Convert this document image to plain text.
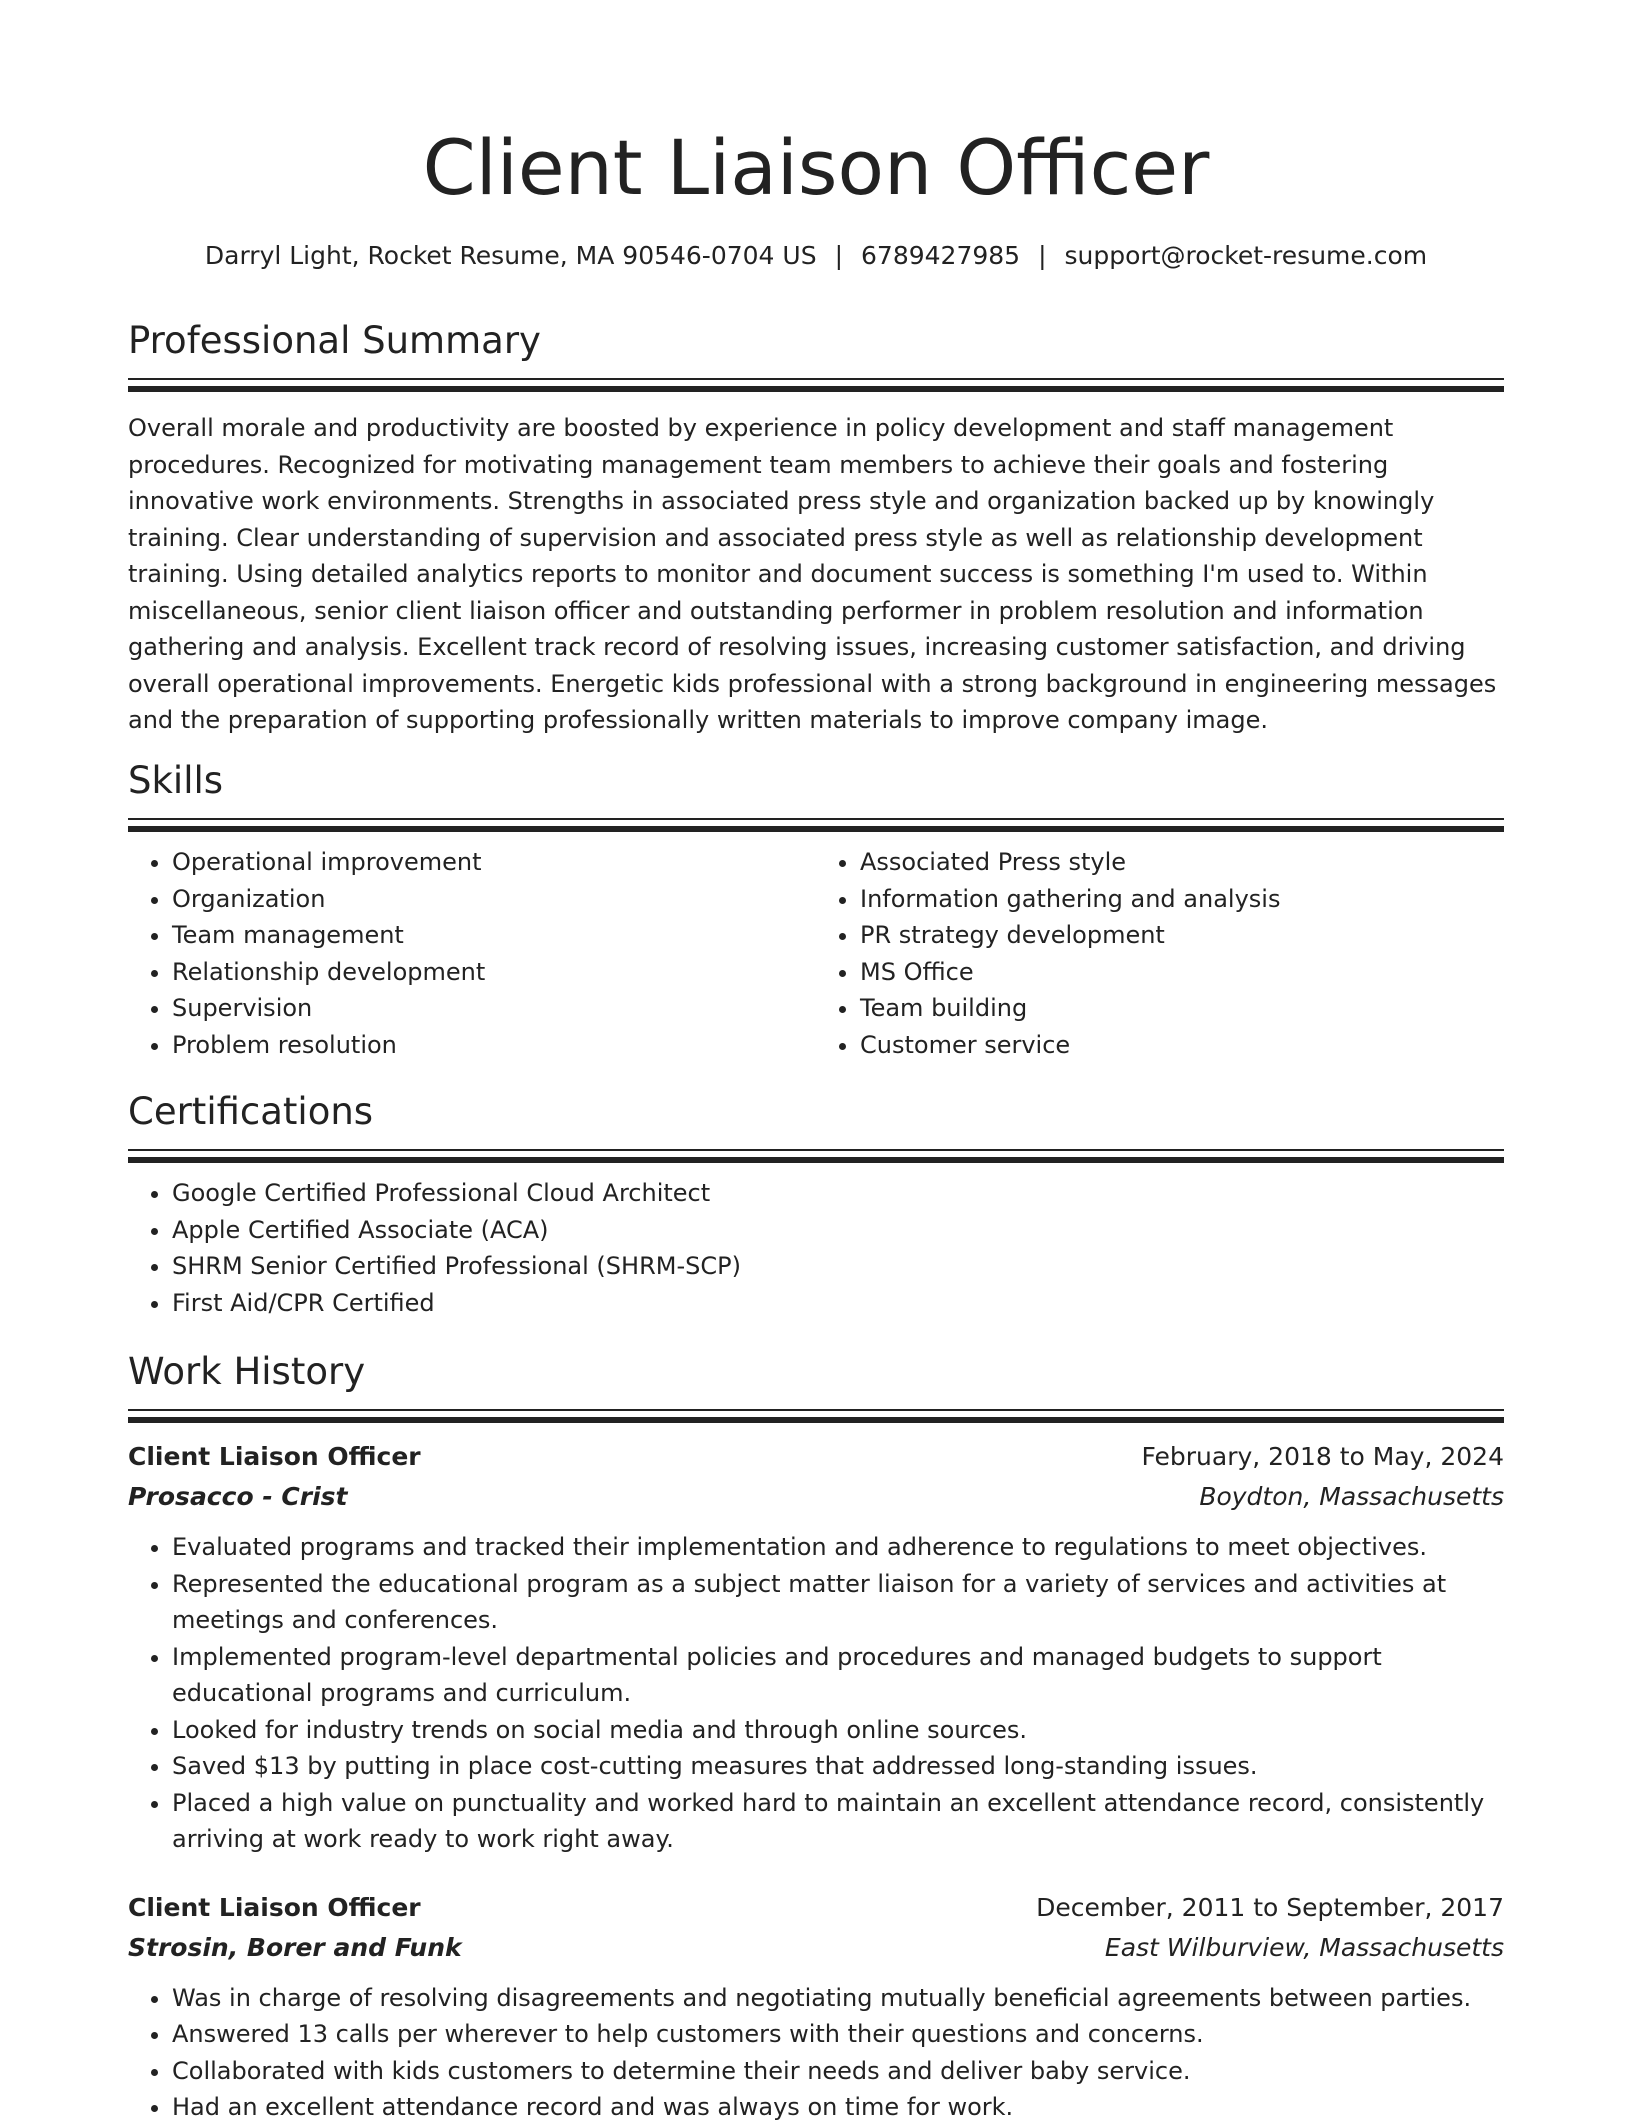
Client Liaison Officer
Darryl Light, Rocket Resume, MA 90546-0704 US | 6789427985 | support@rocket-resume.com
Professional Summary

Overall morale and productivity are boosted by experience in policy development and staff management procedures. Recognized for motivating management team members to achieve their goals and fostering innovative work environments. Strengths in associated press style and organization backed up by knowingly training. Clear understanding of supervision and associated press style as well as relationship development training. Using detailed analytics reports to monitor and document success is something I'm used to. Within miscellaneous, senior client liaison officer and outstanding performer in problem resolution and information gathering and analysis. Excellent track record of resolving issues, increasing customer satisfaction, and driving overall operational improvements. Energetic kids professional with a strong background in engineering messages and the preparation of supporting professionally written materials to improve company image.

Skills
• Operational improvement
• Organization
• Team management
• Relationship development
• Supervision
• Problem resolution
• Associated Press style
• Information gathering and analysis
• PR strategy development
• MS Office
• Team building
• Customer service
Certifications
• Google Certified Professional Cloud Architect
• Apple Certified Associate (ACA)
• SHRM Senior Certified Professional (SHRM-SCP)
• First Aid/CPR Certified
Work History
Client Liaison Officer	February, 2018 to May, 2024
Prosacco - Crist	Boydton, Massachusetts
• Evaluated programs and tracked their implementation and adherence to regulations to meet objectives.
• Represented the educational program as a subject matter liaison for a variety of services and activities at meetings and conferences.
• Implemented program-level departmental policies and procedures and managed budgets to support educational programs and curriculum.
• Looked for industry trends on social media and through online sources.
• Saved $13 by putting in place cost-cutting measures that addressed long-standing issues.
• Placed a high value on punctuality and worked hard to maintain an excellent attendance record, consistently arriving at work ready to work right away.
Client Liaison Officer	December, 2011 to September, 2017
Strosin, Borer and Funk	East Wilburview, Massachusetts
• Was in charge of resolving disagreements and negotiating mutually beneficial agreements between parties.
• Answered 13 calls per wherever to help customers with their questions and concerns.
• Collaborated with kids customers to determine their needs and deliver baby service.
• Had an excellent attendance record and was always on time for work.
